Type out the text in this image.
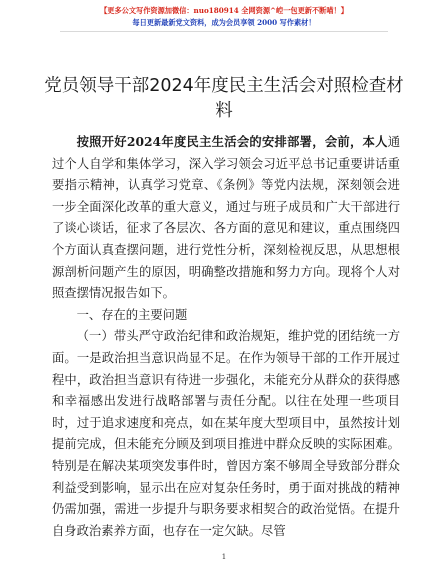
【更多公文写作资源加微信：nuo180914 全网资源^崆一包更新不断喵！】
每日更新最新党文资料，成为会员享领 2000 写作素材！
党员领导干部2024年度民主生活会对照检查材料
按照开好2024年度民主生活会的安排部署，会前，本人通过个人自学和集体学习，深入学习领会习近平总书记重要讲话重要指示精神，认真学习党章、《条例》等党内法规，深刻领会进一步全面深化改革的重大意义，通过与班子成员和广大干部进行了谈心谈话，征求了各层次、各方面的意见和建议，重点围绕四个方面认真查摆问题，进行党性分析，深刻检视反思，从思想根源剖析问题产生的原因，明确整改措施和努力方向。现将个人对照查摆情况报告如下。
一、存在的主要问题
（一）带头严守政治纪律和政治规矩，维护党的团结统一方面。一是政治担当意识尚显不足。在作为领导干部的工作开展过程中，政治担当意识有待进一步强化，未能充分从群众的获得感和幸福感出发进行战略部署与责任分配。以往在处理一些项目时，过于追求速度和亮点，如在某年度大型项目中，虽然按计划提前完成，但未能充分顾及到项目推进中群众反映的实际困难。特别是在解决某项突发事件时，曾因方案不够周全导致部分群众利益受到影响，显示出在应对复杂任务时，勇于面对挑战的精神仍需加强，需进一步提升与职务要求相契合的政治觉悟。在提升自身政治素养方面，也存在一定欠缺。尽管
1
